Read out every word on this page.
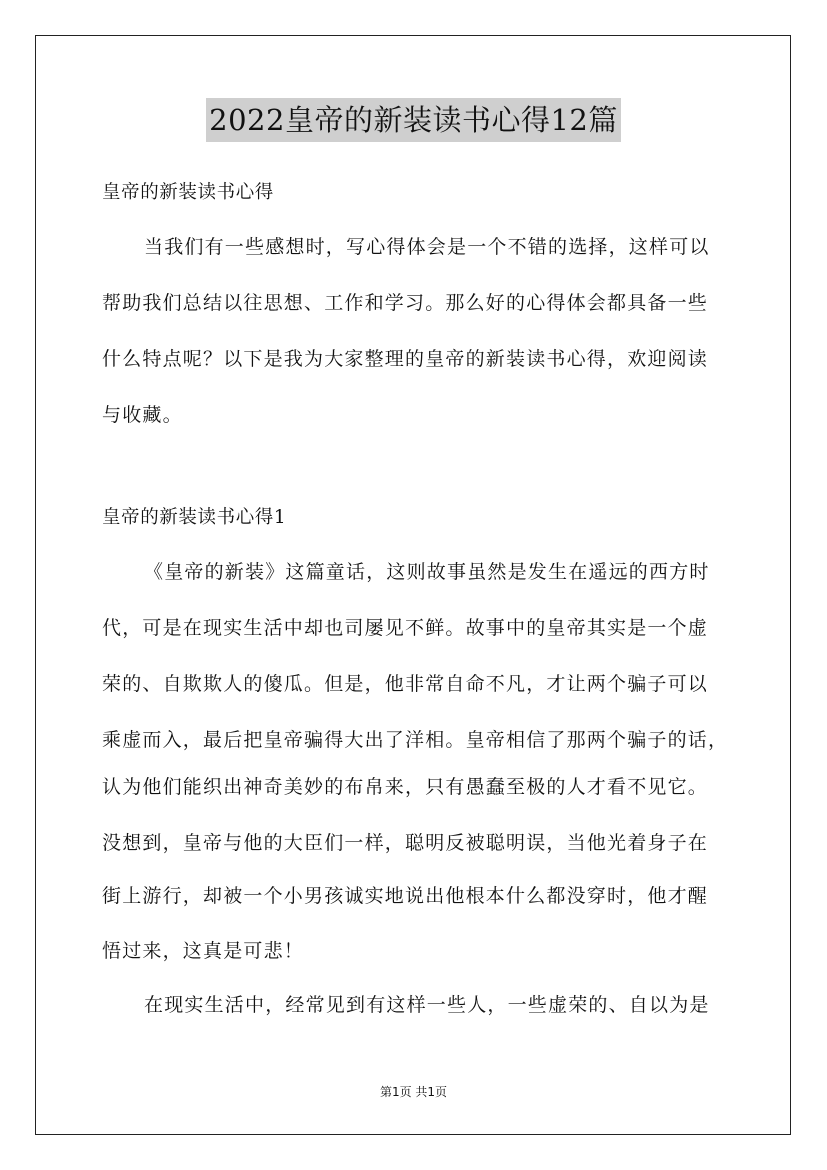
2022皇帝的新装读书心得12篇
皇帝的新装读书心得
当我们有一些感想时，写心得体会是一个不错的选择，这样可以
帮助我们总结以往思想、工作和学习。那么好的心得体会都具备一些
什么特点呢？以下是我为大家整理的皇帝的新装读书心得，欢迎阅读
与收藏。
皇帝的新装读书心得1
《皇帝的新装》这篇童话，这则故事虽然是发生在遥远的西方时
代，可是在现实生活中却也司屡见不鲜。故事中的皇帝其实是一个虚
荣的、自欺欺人的傻瓜。但是，他非常自命不凡，才让两个骗子可以
乘虚而入，最后把皇帝骗得大出了洋相。皇帝相信了那两个骗子的话，
认为他们能织出神奇美妙的布帛来，只有愚蠢至极的人才看不见它。
没想到，皇帝与他的大臣们一样，聪明反被聪明误，当他光着身子在
街上游行，却被一个小男孩诚实地说出他根本什么都没穿时，他才醒
悟过来，这真是可悲！
在现实生活中，经常见到有这样一些人，一些虚荣的、自以为是
第1页 共1页
